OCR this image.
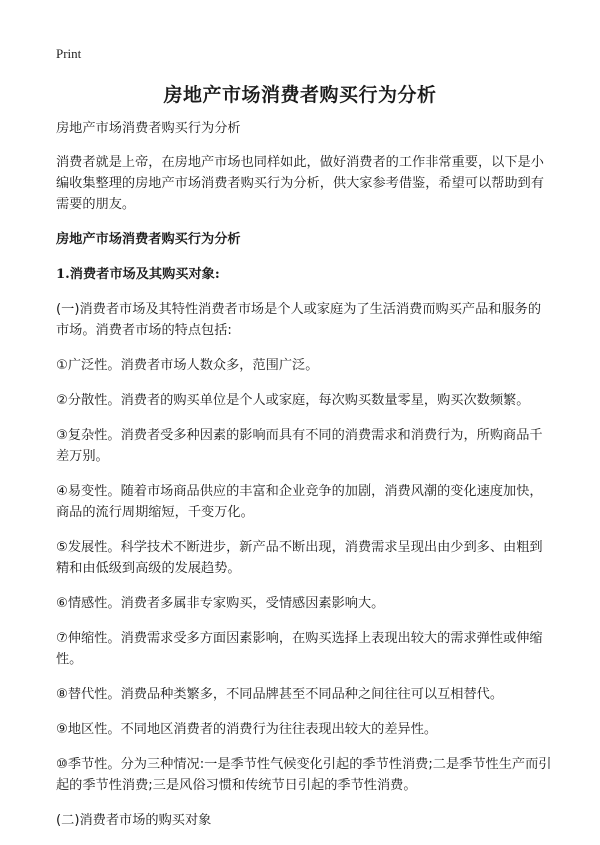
Print
房地产市场消费者购买行为分析

房地产市场消费者购买行为分析

消费者就是上帝，在房地产市场也同样如此，做好消费者的工作非常重要，以下是小编收集整理的房地产市场消费者购买行为分析，供大家参考借鉴，希望可以帮助到有需要的朋友。

房地产市场消费者购买行为分析

1.消费者市场及其购买对象:

(一)消费者市场及其特性消费者市场是个人或家庭为了生活消费而购买产品和服务的市场。消费者市场的特点包括:

①广泛性。消费者市场人数众多，范围广泛。

②分散性。消费者的购买单位是个人或家庭，每次购买数量零星，购买次数频繁。

③复杂性。消费者受多种因素的影响而具有不同的消费需求和消费行为，所购商品千差万别。

④易变性。随着市场商品供应的丰富和企业竞争的加剧，消费风潮的变化速度加快，商品的流行周期缩短，千变万化。

⑤发展性。科学技术不断进步，新产品不断出现，消费需求呈现出由少到多、由粗到精和由低级到高级的发展趋势。

⑥情感性。消费者多属非专家购买，受情感因素影响大。

⑦伸缩性。消费需求受多方面因素影响，在购买选择上表现出较大的需求弹性或伸缩性。

⑧替代性。消费品种类繁多，不同品牌甚至不同品种之间往往可以互相替代。

⑨地区性。不同地区消费者的消费行为往往表现出较大的差异性。

⑩季节性。分为三种情况:一是季节性气候变化引起的季节性消费;二是季节性生产而引起的季节性消费;三是风俗习惯和传统节日引起的季节性消费。

(二)消费者市场的购买对象
